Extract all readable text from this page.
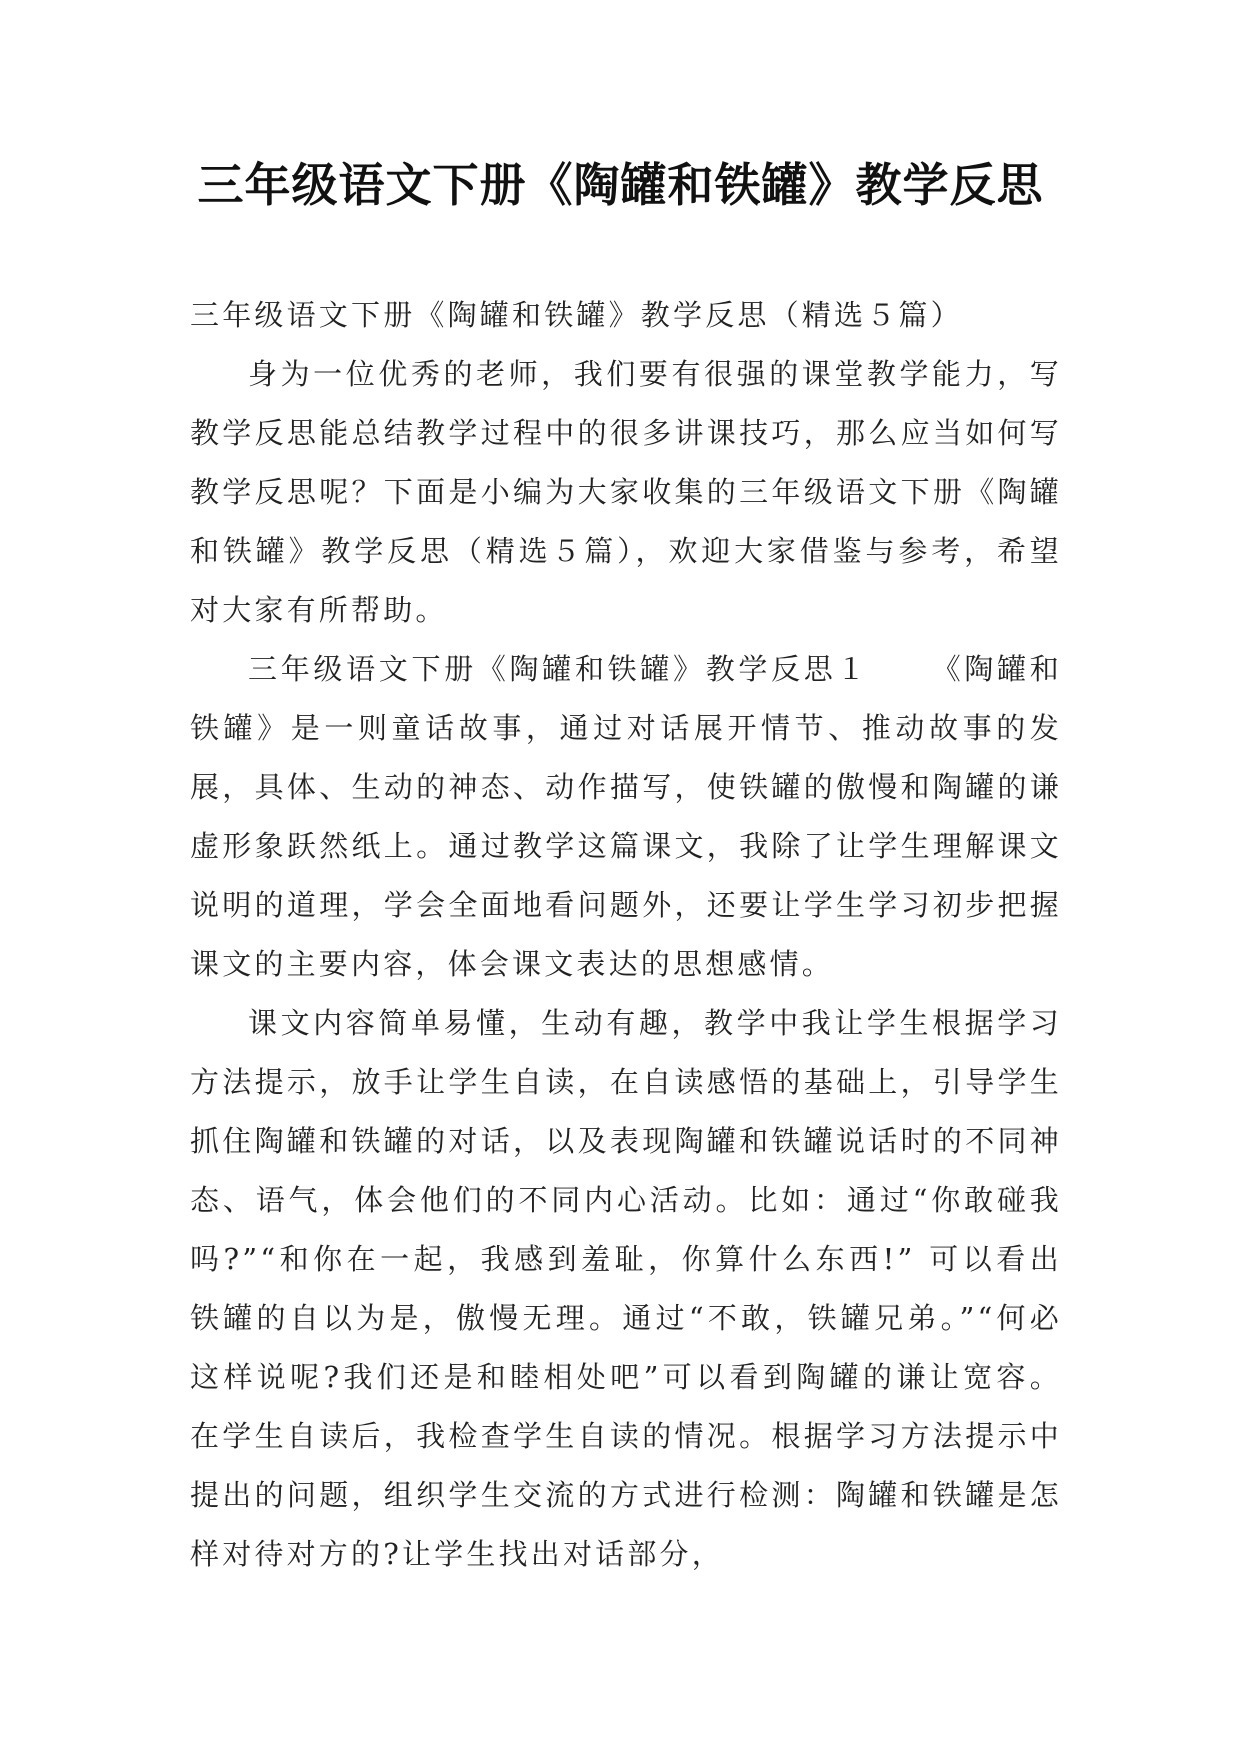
三年级语文下册《陶罐和铁罐》教学反思

三年级语文下册《陶罐和铁罐》教学反思（精选５篇）

身为一位优秀的老师，我们要有很强的课堂教学能力，写教学反思能总结教学过程中的很多讲课技巧，那么应当如何写教学反思呢？下面是小编为大家收集的三年级语文下册《陶罐和铁罐》教学反思（精选５篇），欢迎大家借鉴与参考，希望对大家有所帮助。

三年级语文下册《陶罐和铁罐》教学反思１ 《陶罐和铁罐》是一则童话故事，通过对话展开情节、推动故事的发展，具体、生动的神态、动作描写，使铁罐的傲慢和陶罐的谦虚形象跃然纸上。通过教学这篇课文，我除了让学生理解课文说明的道理，学会全面地看问题外，还要让学生学习初步把握课文的主要内容，体会课文表达的思想感情。

课文内容简单易懂，生动有趣，教学中我让学生根据学习方法提示，放手让学生自读，在自读感悟的基础上，引导学生抓住陶罐和铁罐的对话，以及表现陶罐和铁罐说话时的不同神态、语气，体会他们的不同内心活动。比如：通过“你敢碰我吗?”“和你在一起，我感到羞耻，你算什么东西!” 可以看出铁罐的自以为是，傲慢无理。通过“不敢，铁罐兄弟。”“何必这样说呢?我们还是和睦相处吧”可以看到陶罐的谦让宽容。在学生自读后，我检查学生自读的情况。根据学习方法提示中提出的问题，组织学生交流的方式进行检测：陶罐和铁罐是怎样对待对方的?让学生找出对话部分，
